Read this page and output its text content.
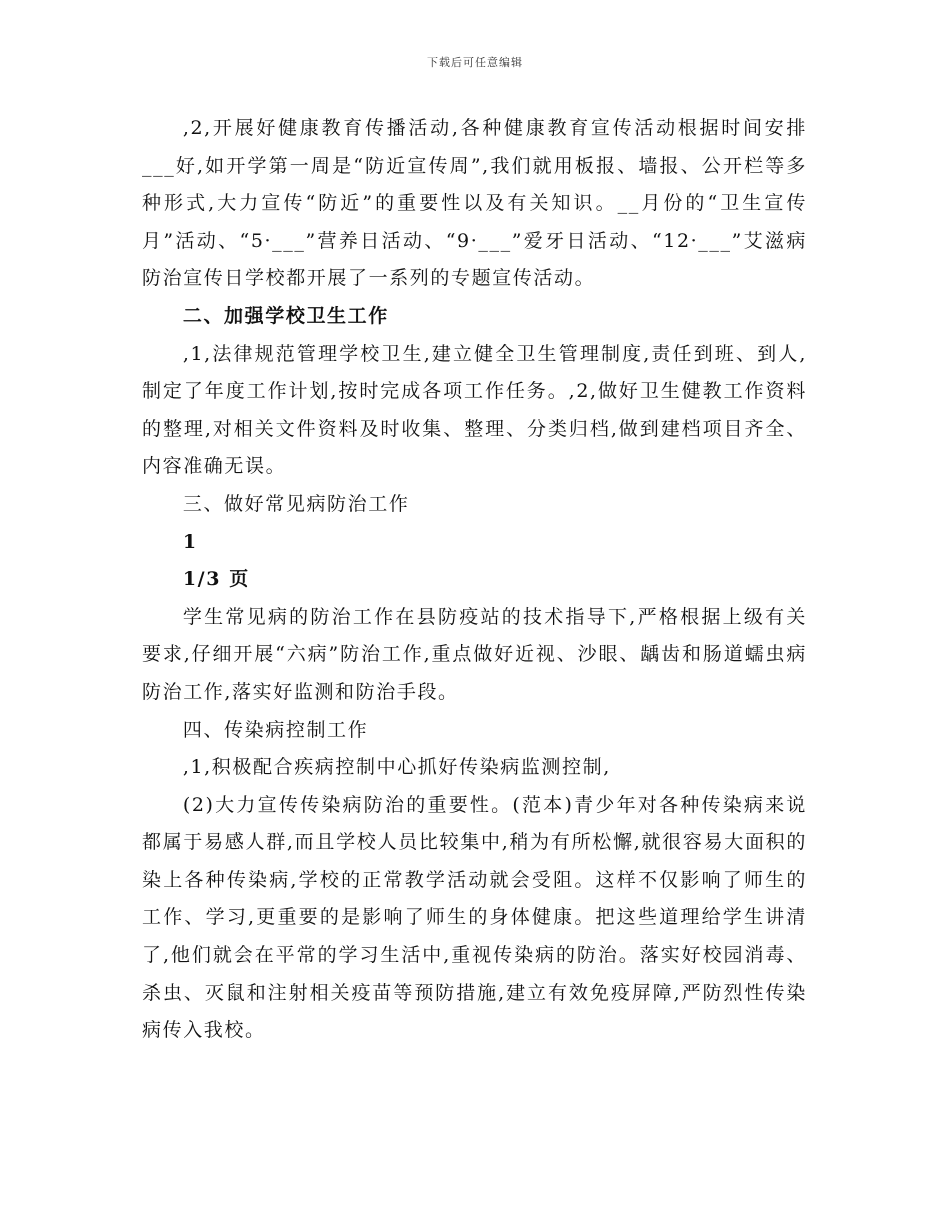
下载后可任意编辑

,2,开展好健康教育传播活动,各种健康教育宣传活动根据时间安排___好,如开学第一周是“防近宣传周”,我们就用板报、墙报、公开栏等多种形式,大力宣传“防近”的重要性以及有关知识。__月份的“卫生宣传月”活动、“5·___”营养日活动、“9·___”爱牙日活动、“12·___”艾滋病防治宣传日学校都开展了一系列的专题宣传活动。

二、加强学校卫生工作

,1,法律规范管理学校卫生,建立健全卫生管理制度,责任到班、到人,制定了年度工作计划,按时完成各项工作任务。,2,做好卫生健教工作资料的整理,对相关文件资料及时收集、整理、分类归档,做到建档项目齐全、内容准确无误。

三、做好常见病防治工作

1

1/3 页

学生常见病的防治工作在县防疫站的技术指导下,严格根据上级有关要求,仔细开展“六病”防治工作,重点做好近视、沙眼、龋齿和肠道蠕虫病防治工作,落实好监测和防治手段。

四、传染病控制工作

,1,积极配合疾病控制中心抓好传染病监测控制,

(2)大力宣传传染病防治的重要性。(范本)青少年对各种传染病来说都属于易感人群,而且学校人员比较集中,稍为有所松懈,就很容易大面积的染上各种传染病,学校的正常教学活动就会受阻。这样不仅影响了师生的工作、学习,更重要的是影响了师生的身体健康。把这些道理给学生讲清了,他们就会在平常的学习生活中,重视传染病的防治。落实好校园消毒、杀虫、灭鼠和注射相关疫苗等预防措施,建立有效免疫屏障,严防烈性传染病传入我校。
